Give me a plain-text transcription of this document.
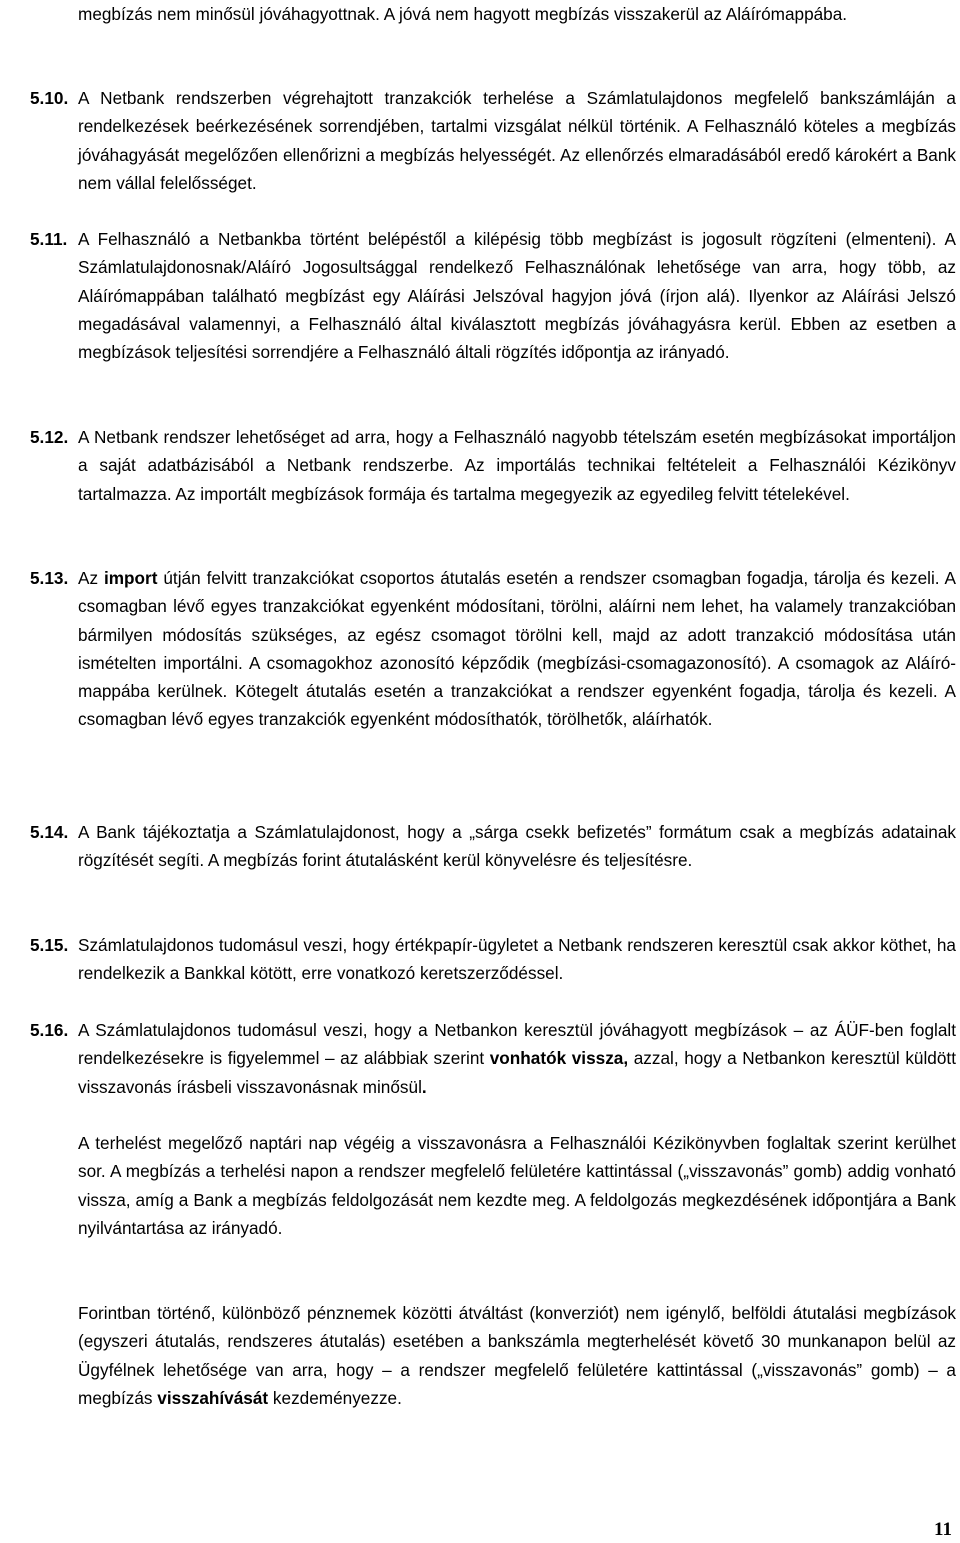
megbízás nem minősül jóváhagyottnak. A jóvá nem hagyott megbízás visszakerül az Aláírómappába.

5.10. A Netbank rendszerben végrehajtott tranzakciók terhelése a Számlatulajdonos megfelelő bankszámláján a rendelkezések beérkezésének sorrendjében, tartalmi vizsgálat nélkül történik. A Felhasználó köteles a megbízás jóváhagyását megelőzően ellenőrizni a megbízás helyességét. Az ellenőrzés elmaradásából eredő károkért a Bank nem vállal felelősséget.

5.11. A Felhasználó a Netbankba történt belépéstől a kilépésig több megbízást is jogosult rögzíteni (elmenteni). A Számlatulajdonosnak/Aláíró Jogosultsággal rendelkező Felhasználónak lehetősége van arra, hogy több, az Aláírómappában található megbízást egy Aláírási Jelszóval hagyjon jóvá (írjon alá). Ilyenkor az Aláírási Jelszó megadásával valamennyi, a Felhasználó által kiválasztott megbízás jóváhagyásra kerül. Ebben az esetben a megbízások teljesítési sorrendjére a Felhasználó általi rögzítés időpontja az irányadó.

5.12. A Netbank rendszer lehetőséget ad arra, hogy a Felhasználó nagyobb tételszám esetén megbízásokat importáljon a saját adatbázisából a Netbank rendszerbe. Az importálás technikai feltételeit a Felhasználói Kézikönyv tartalmazza. Az importált megbízások formája és tartalma megegyezik az egyedileg felvitt tételekével.

5.13. Az import útján felvitt tranzakciókat csoportos átutalás esetén a rendszer csomagban fogadja, tárolja és kezeli. A csomagban lévő egyes tranzakciókat egyenként módosítani, törölni, aláírni nem lehet, ha valamely tranzakcióban bármilyen módosítás szükséges, az egész csomagot törölni kell, majd az adott tranzakció módosítása után ismételten importálni. A csomagokhoz azonosító képződik (megbízási-csomagazonosító). A csomagok az Aláíró-mappába kerülnek. Kötegelt átutalás esetén a tranzakciókat a rendszer egyenként fogadja, tárolja és kezeli. A csomagban lévő egyes tranzakciók egyenként módosíthatók, törölhetők, aláírhatók.

5.14. A Bank tájékoztatja a Számlatulajdonost, hogy a „sárga csekk befizetés” formátum csak a megbízás adatainak rögzítését segíti. A megbízás forint átutalásként kerül könyvelésre és teljesítésre.

5.15. Számlatulajdonos tudomásul veszi, hogy értékpapír-ügyletet a Netbank rendszeren keresztül csak akkor köthet, ha rendelkezik a Bankkal kötött, erre vonatkozó keretszerződéssel.

5.16. A Számlatulajdonos tudomásul veszi, hogy a Netbankon keresztül jóváhagyott megbízások – az ÁÜF-ben foglalt rendelkezésekre is figyelemmel – az alábbiak szerint vonhatók vissza, azzal, hogy a Netbankon keresztül küldött visszavonás írásbeli visszavonásnak minősül.

A terhelést megelőző naptári nap végéig a visszavonásra a Felhasználói Kézikönyvben foglaltak szerint kerülhet sor. A megbízás a terhelési napon a rendszer megfelelő felületére kattintással („visszavonás” gomb) addig vonható vissza, amíg a Bank a megbízás feldolgozását nem kezdte meg. A feldolgozás megkezdésének időpontjára a Bank nyilvántartása az irányadó.

Forintban történő, különböző pénznemek közötti átváltást (konverziót) nem igénylő, belföldi átutalási megbízások (egyszeri átutalás, rendszeres átutalás) esetében a bankszámla megterhelését követő 30 munkanapon belül az Ügyfélnek lehetősége van arra, hogy – a rendszer megfelelő felületére kattintással („visszavonás” gomb) – a megbízás visszahívását kezdeményezze.

11
